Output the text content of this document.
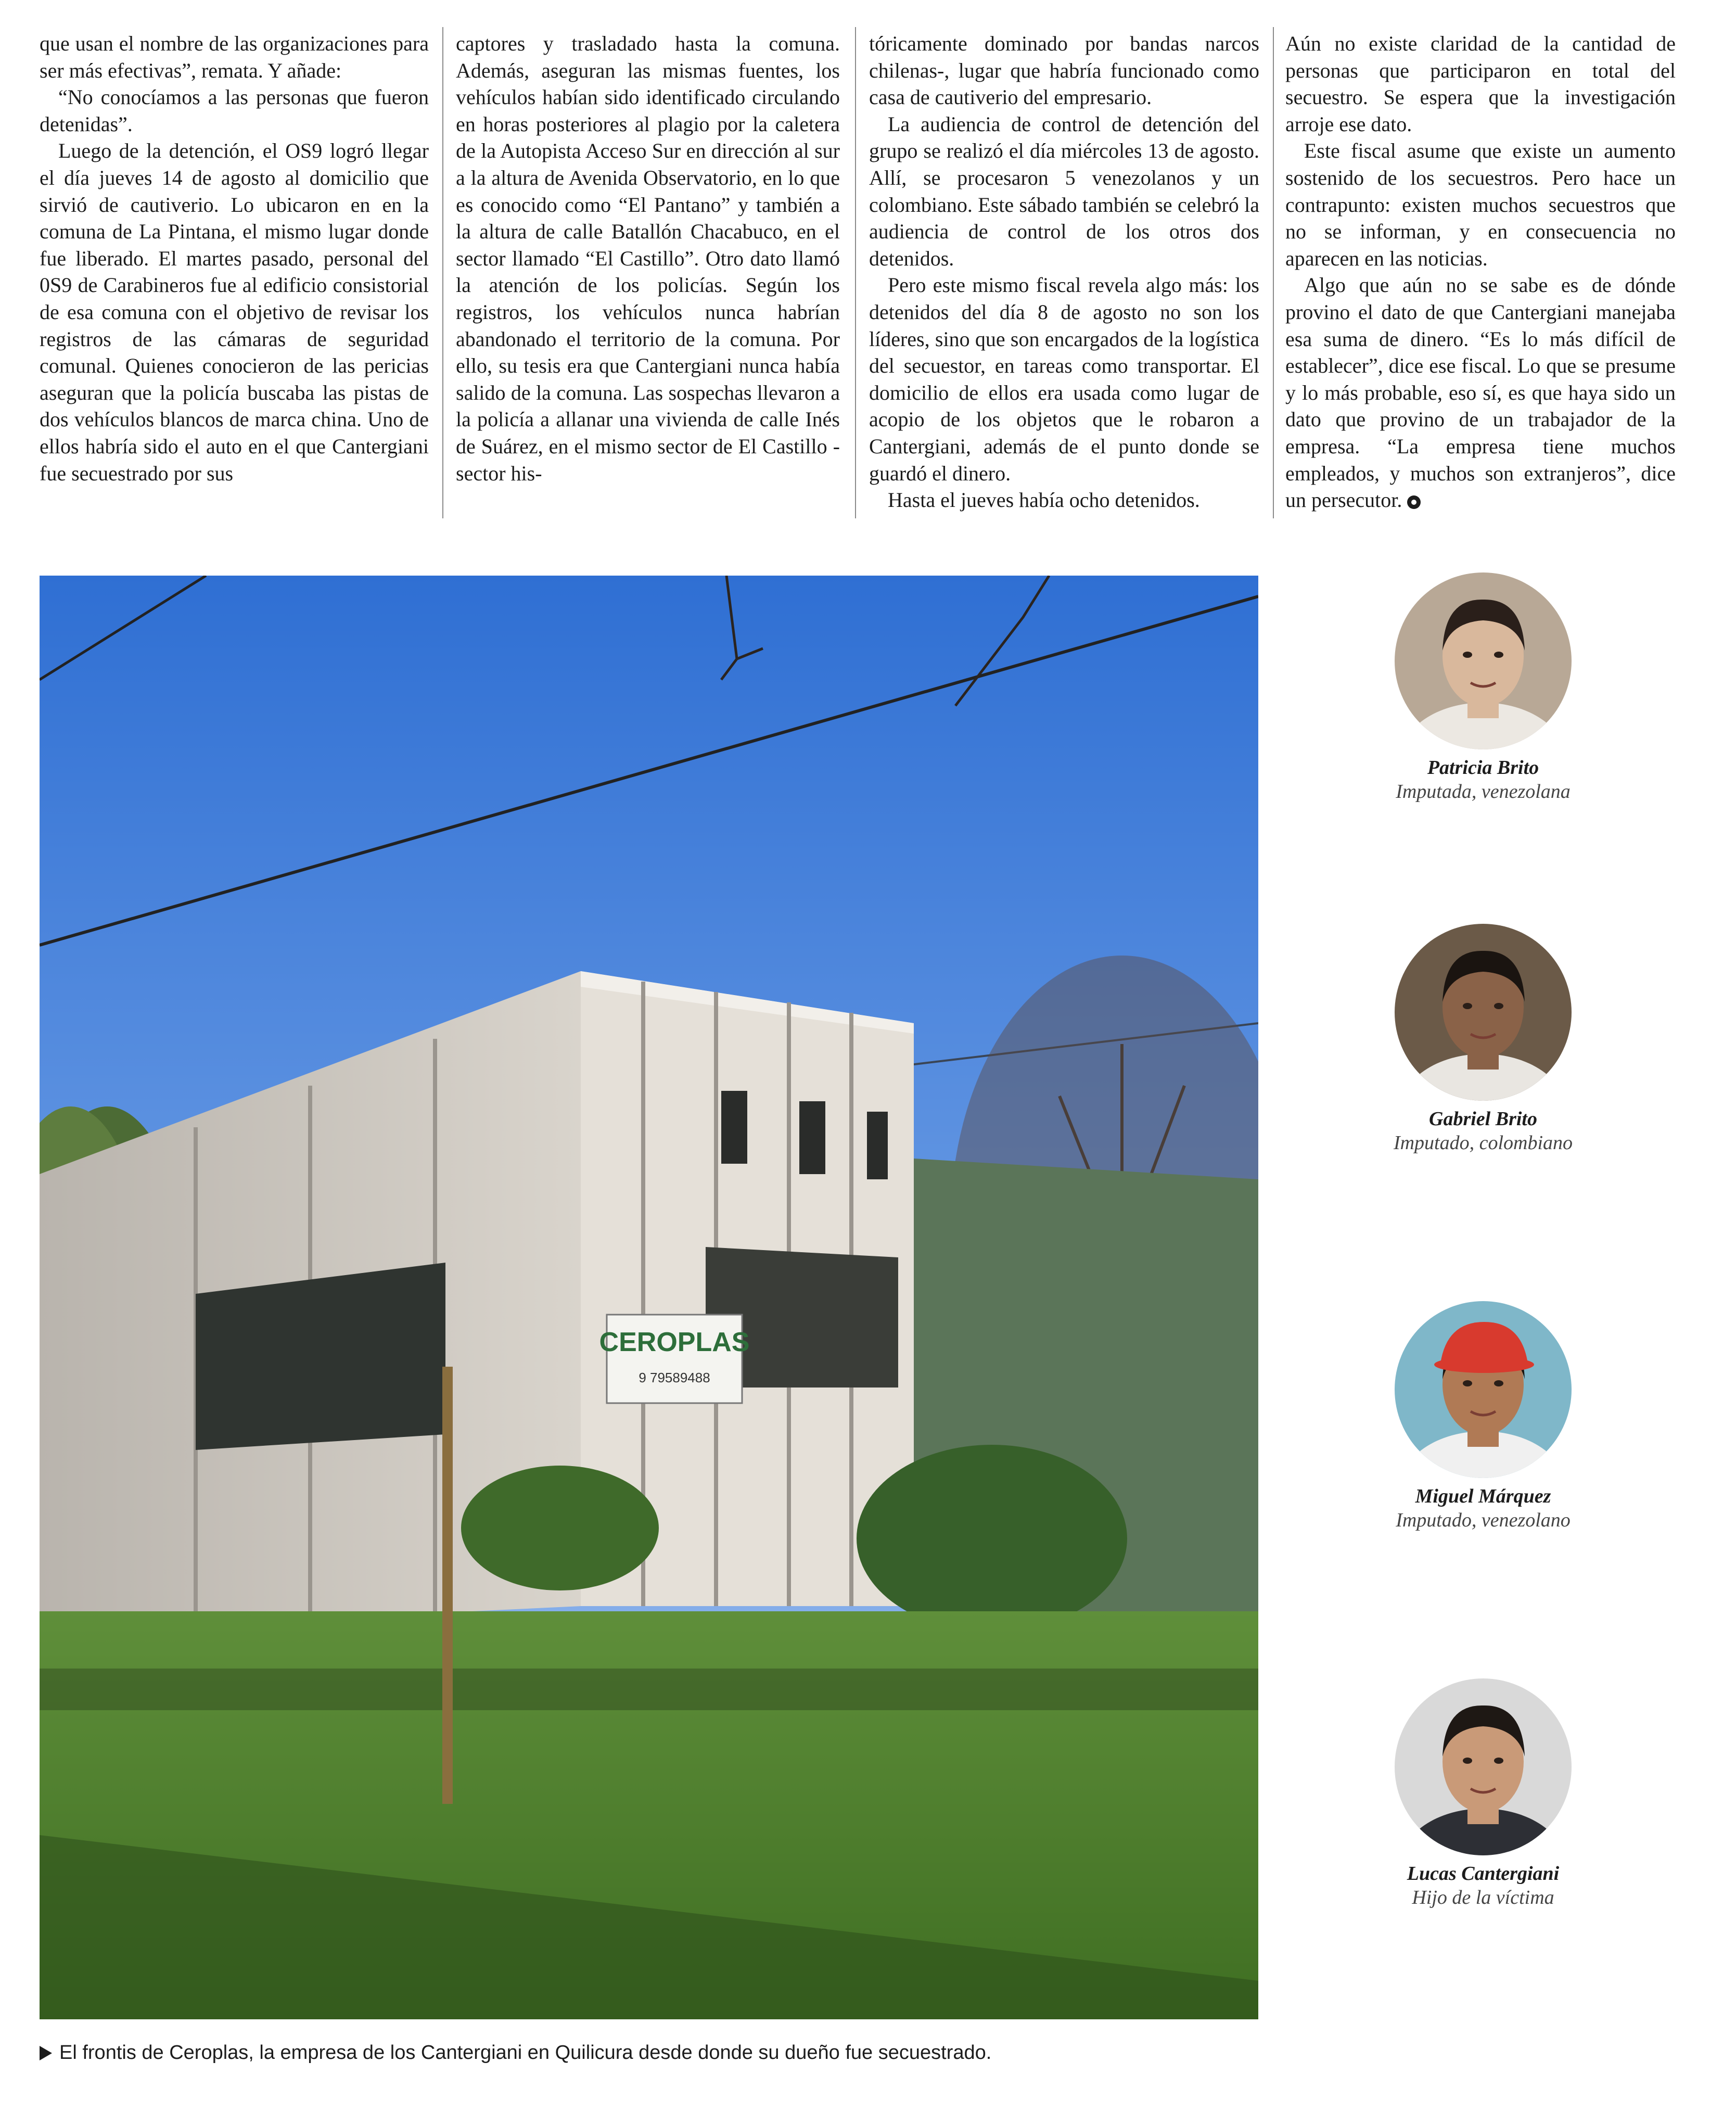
que usan el nombre de las organizaciones para ser más efectivas”, remata. Y añade:

“No conocíamos a las personas que fueron detenidas”.

Luego de la detención, el OS9 logró llegar el día jueves 14 de agosto al domicilio que sirvió de cautiverio. Lo ubicaron en en la comuna de La Pintana, el mismo lugar donde fue liberado. El martes pasado, personal del 0S9 de Carabineros fue al edificio consistorial de esa comuna con el objetivo de revisar los registros de las cámaras de seguridad comunal. Quienes conocieron de las pericias aseguran que la policía buscaba las pistas de dos vehículos blancos de marca china. Uno de ellos habría sido el auto en el que Cantergiani fue secuestrado por sus

captores y trasladado hasta la comuna. Además, aseguran las mismas fuentes, los vehículos habían sido identificado circulando en horas posteriores al plagio por la caletera de la Autopista Acceso Sur en dirección al sur a la altura de Avenida Observatorio, en lo que es conocido como “El Pantano” y también a la altura de calle Batallón Chacabuco, en el sector llamado “El Castillo”. Otro dato llamó la atención de los policías. Según los registros, los vehículos nunca habrían abandonado el territorio de la comuna. Por ello, su tesis era que Cantergiani nunca había salido de la comuna. Las sospechas llevaron a la policía a allanar una vivienda de calle Inés de Suárez, en el mismo sector de El Castillo -sector his-

tóricamente dominado por bandas narcos chilenas-, lugar que habría funcionado como casa de cautiverio del empresario.

La audiencia de control de detención del grupo se realizó el día miércoles 13 de agosto. Allí, se procesaron 5 venezolanos y un colombiano. Este sábado también se celebró la audiencia de control de los otros dos detenidos.

Pero este mismo fiscal revela algo más: los detenidos del día 8 de agosto no son los líderes, sino que son encargados de la logística del secuestor, en tareas como transportar. El domicilio de ellos era usada como lugar de acopio de los objetos que le robaron a Cantergiani, además de el punto donde se guardó el dinero.

Hasta el jueves había ocho detenidos.

Aún no existe claridad de la cantidad de personas que participaron en total del secuestro. Se espera que la investigación arroje ese dato.

Este fiscal asume que existe un aumento sostenido de los secuestros. Pero hace un contrapunto: existen muchos secuestros que no se informan, y en consecuencia no aparecen en las noticias.

Algo que aún no se sabe es de dónde provino el dato de que Cantergiani manejaba esa suma de dinero. “Es lo más difícil de establecer”, dice ese fiscal. Lo que se presume y lo más probable, eso sí, es que haya sido un dato que provino de un trabajador de la empresa. “La empresa tiene muchos empleados, y muchos son extranjeros”, dice un persecutor.

CEROPLAS
9 79589488
El frontis de Ceroplas, la empresa de los Cantergiani en Quilicura desde donde su dueño fue secuestrado.
Patricia Brito
Imputada, venezolana
Gabriel Brito
Imputado, colombiano
Miguel Márquez
Imputado, venezolano
Lucas Cantergiani
Hijo de la víctima
